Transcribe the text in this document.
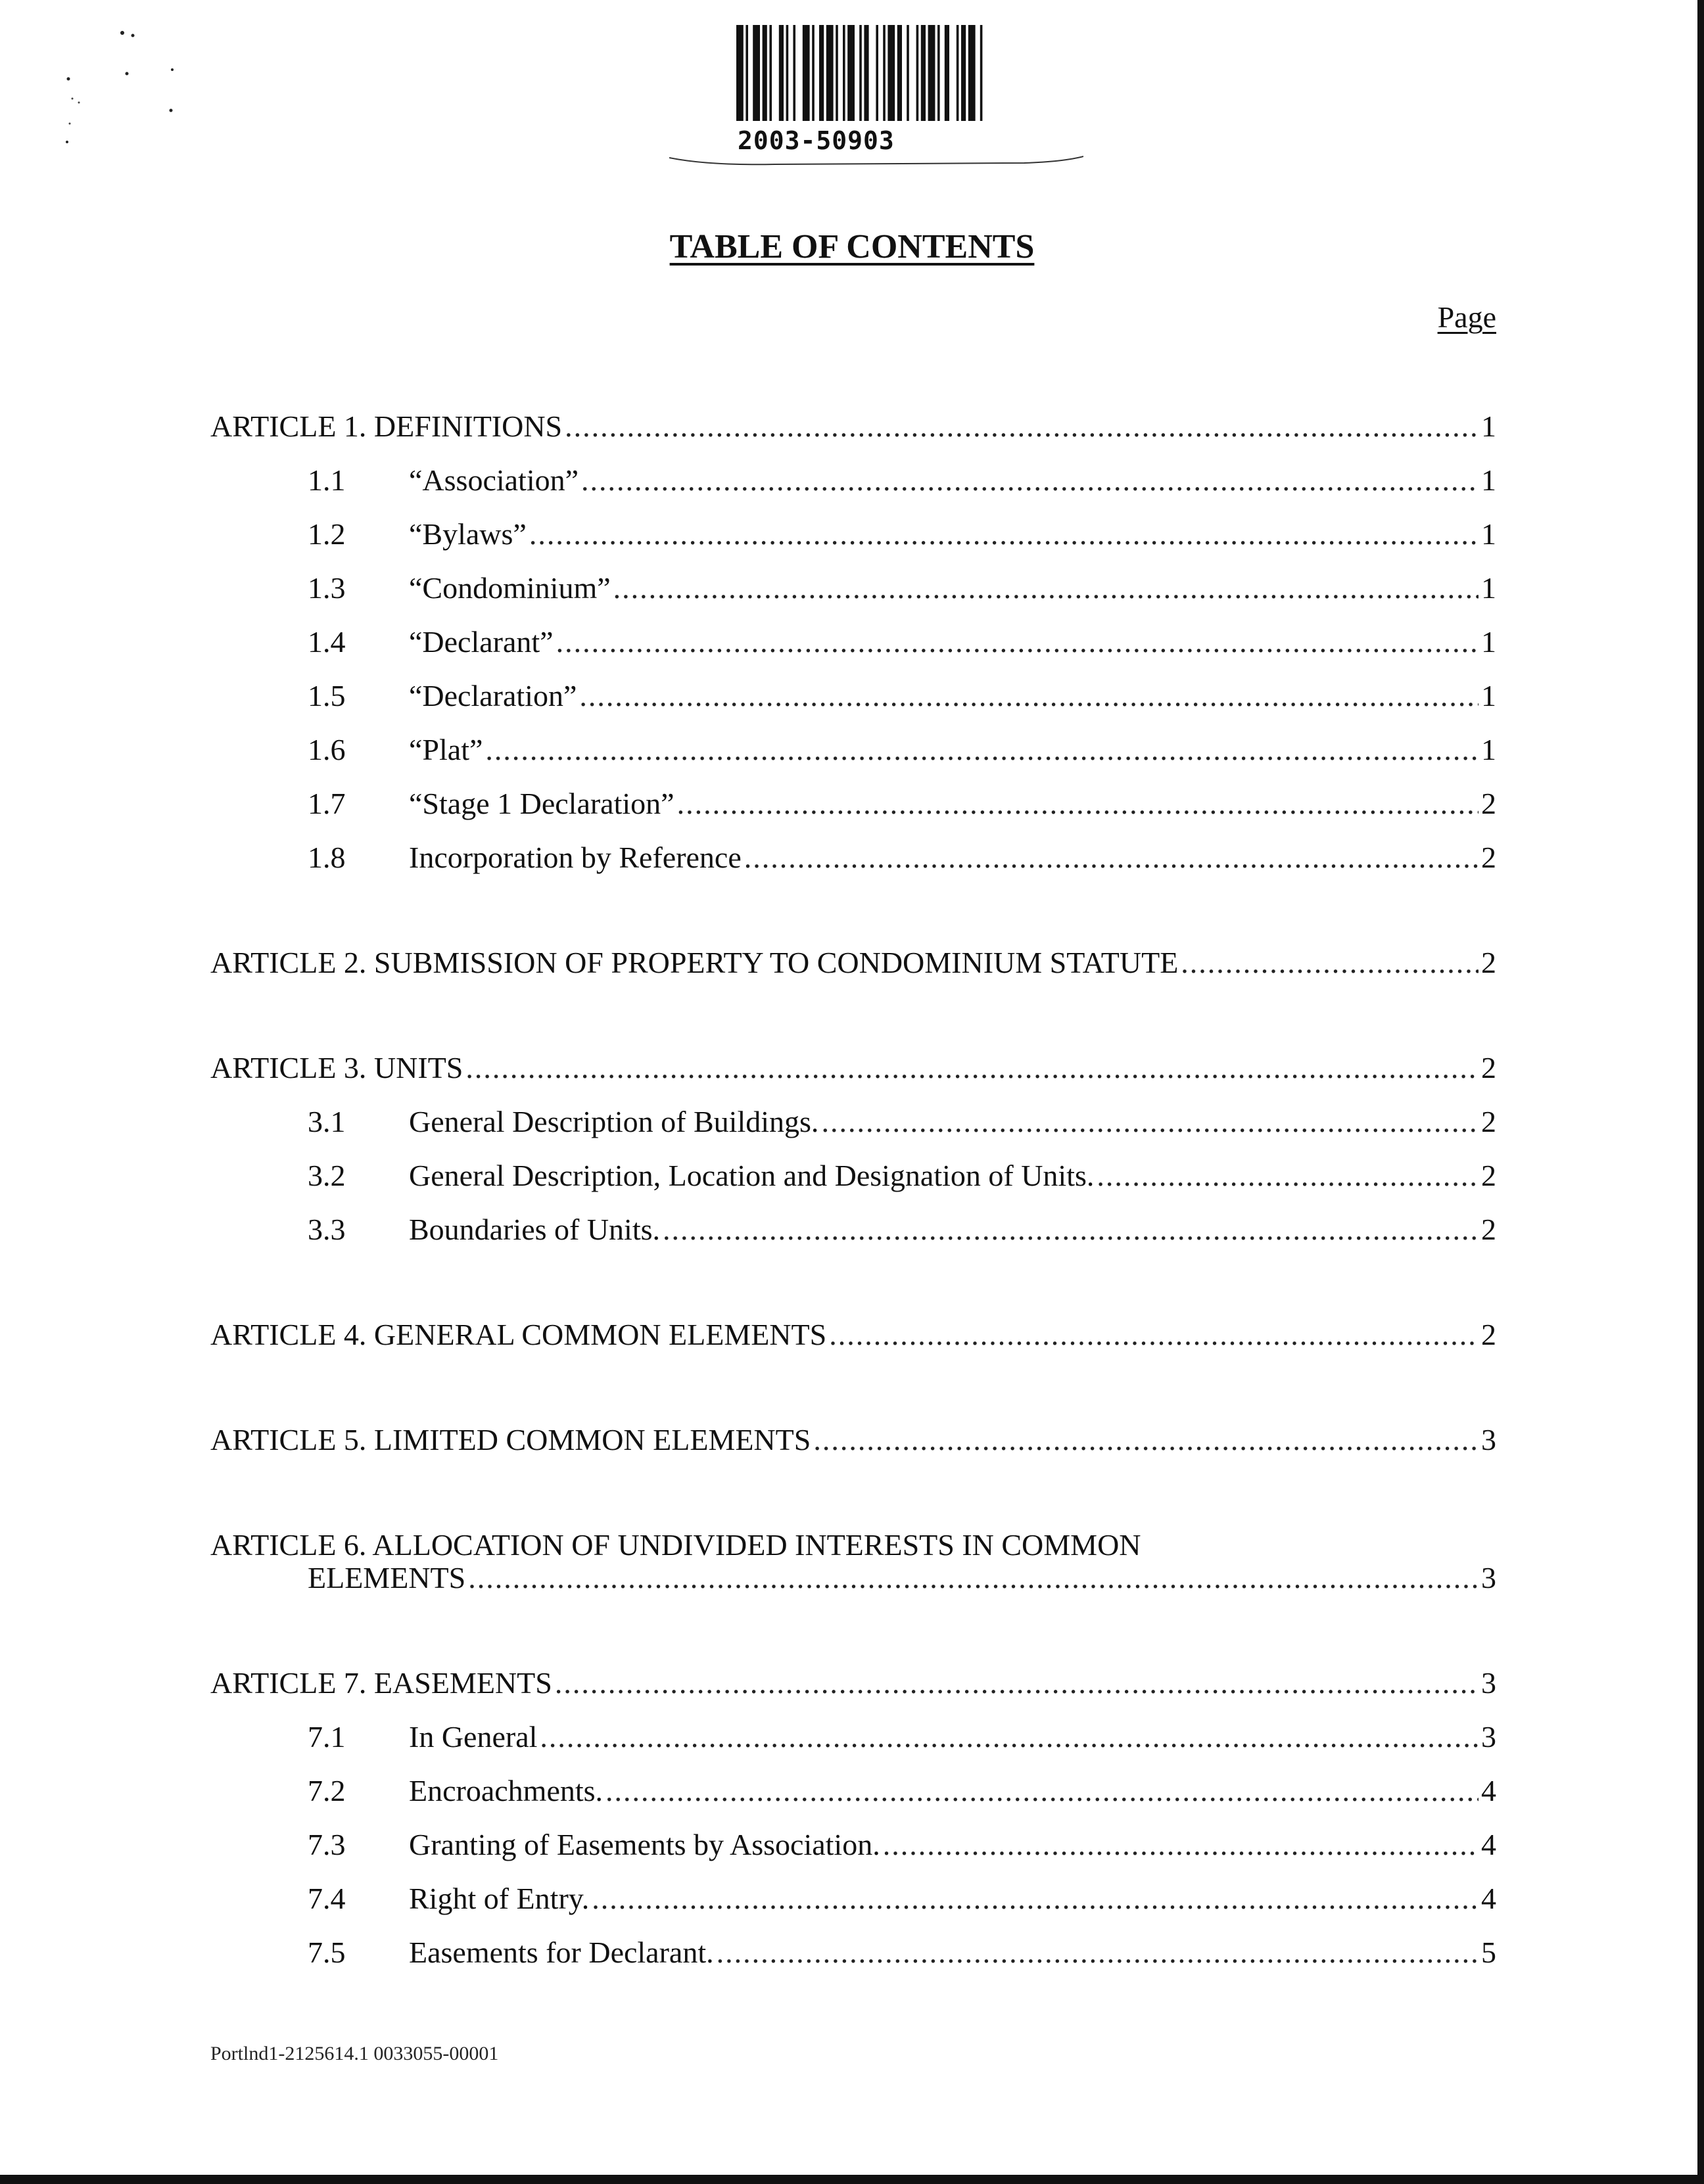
2003-50903
TABLE OF CONTENTS
Page
ARTICLE 1. DEFINITIONS .....	1
1.1	“Association” .....	1
1.2	“Bylaws” .....	1
1.3	“Condominium” .....	1
1.4	“Declarant” .....	1
1.5	“Declaration” .....	1
1.6	“Plat” .....	1
1.7	“Stage 1 Declaration” .....	2
1.8	Incorporation by Reference .....	2
ARTICLE 2. SUBMISSION OF PROPERTY TO CONDOMINIUM STATUTE .....	2
ARTICLE 3. UNITS .....	2
3.1	General Description of Buildings. .....	2
3.2	General Description, Location and Designation of Units. .....	2
3.3	Boundaries of Units. .....	2
ARTICLE 4. GENERAL COMMON ELEMENTS .....	2
ARTICLE 5. LIMITED COMMON ELEMENTS .....	3
ARTICLE 6. ALLOCATION OF UNDIVIDED INTERESTS IN COMMON
ELEMENTS .....	3
ARTICLE 7. EASEMENTS .....	3
7.1	In General .....	3
7.2	Encroachments. .....	4
7.3	Granting of Easements by Association. .....	4
7.4	Right of Entry. .....	4
7.5	Easements for Declarant. .....	5
Portlnd1-2125614.1 0033055-00001
